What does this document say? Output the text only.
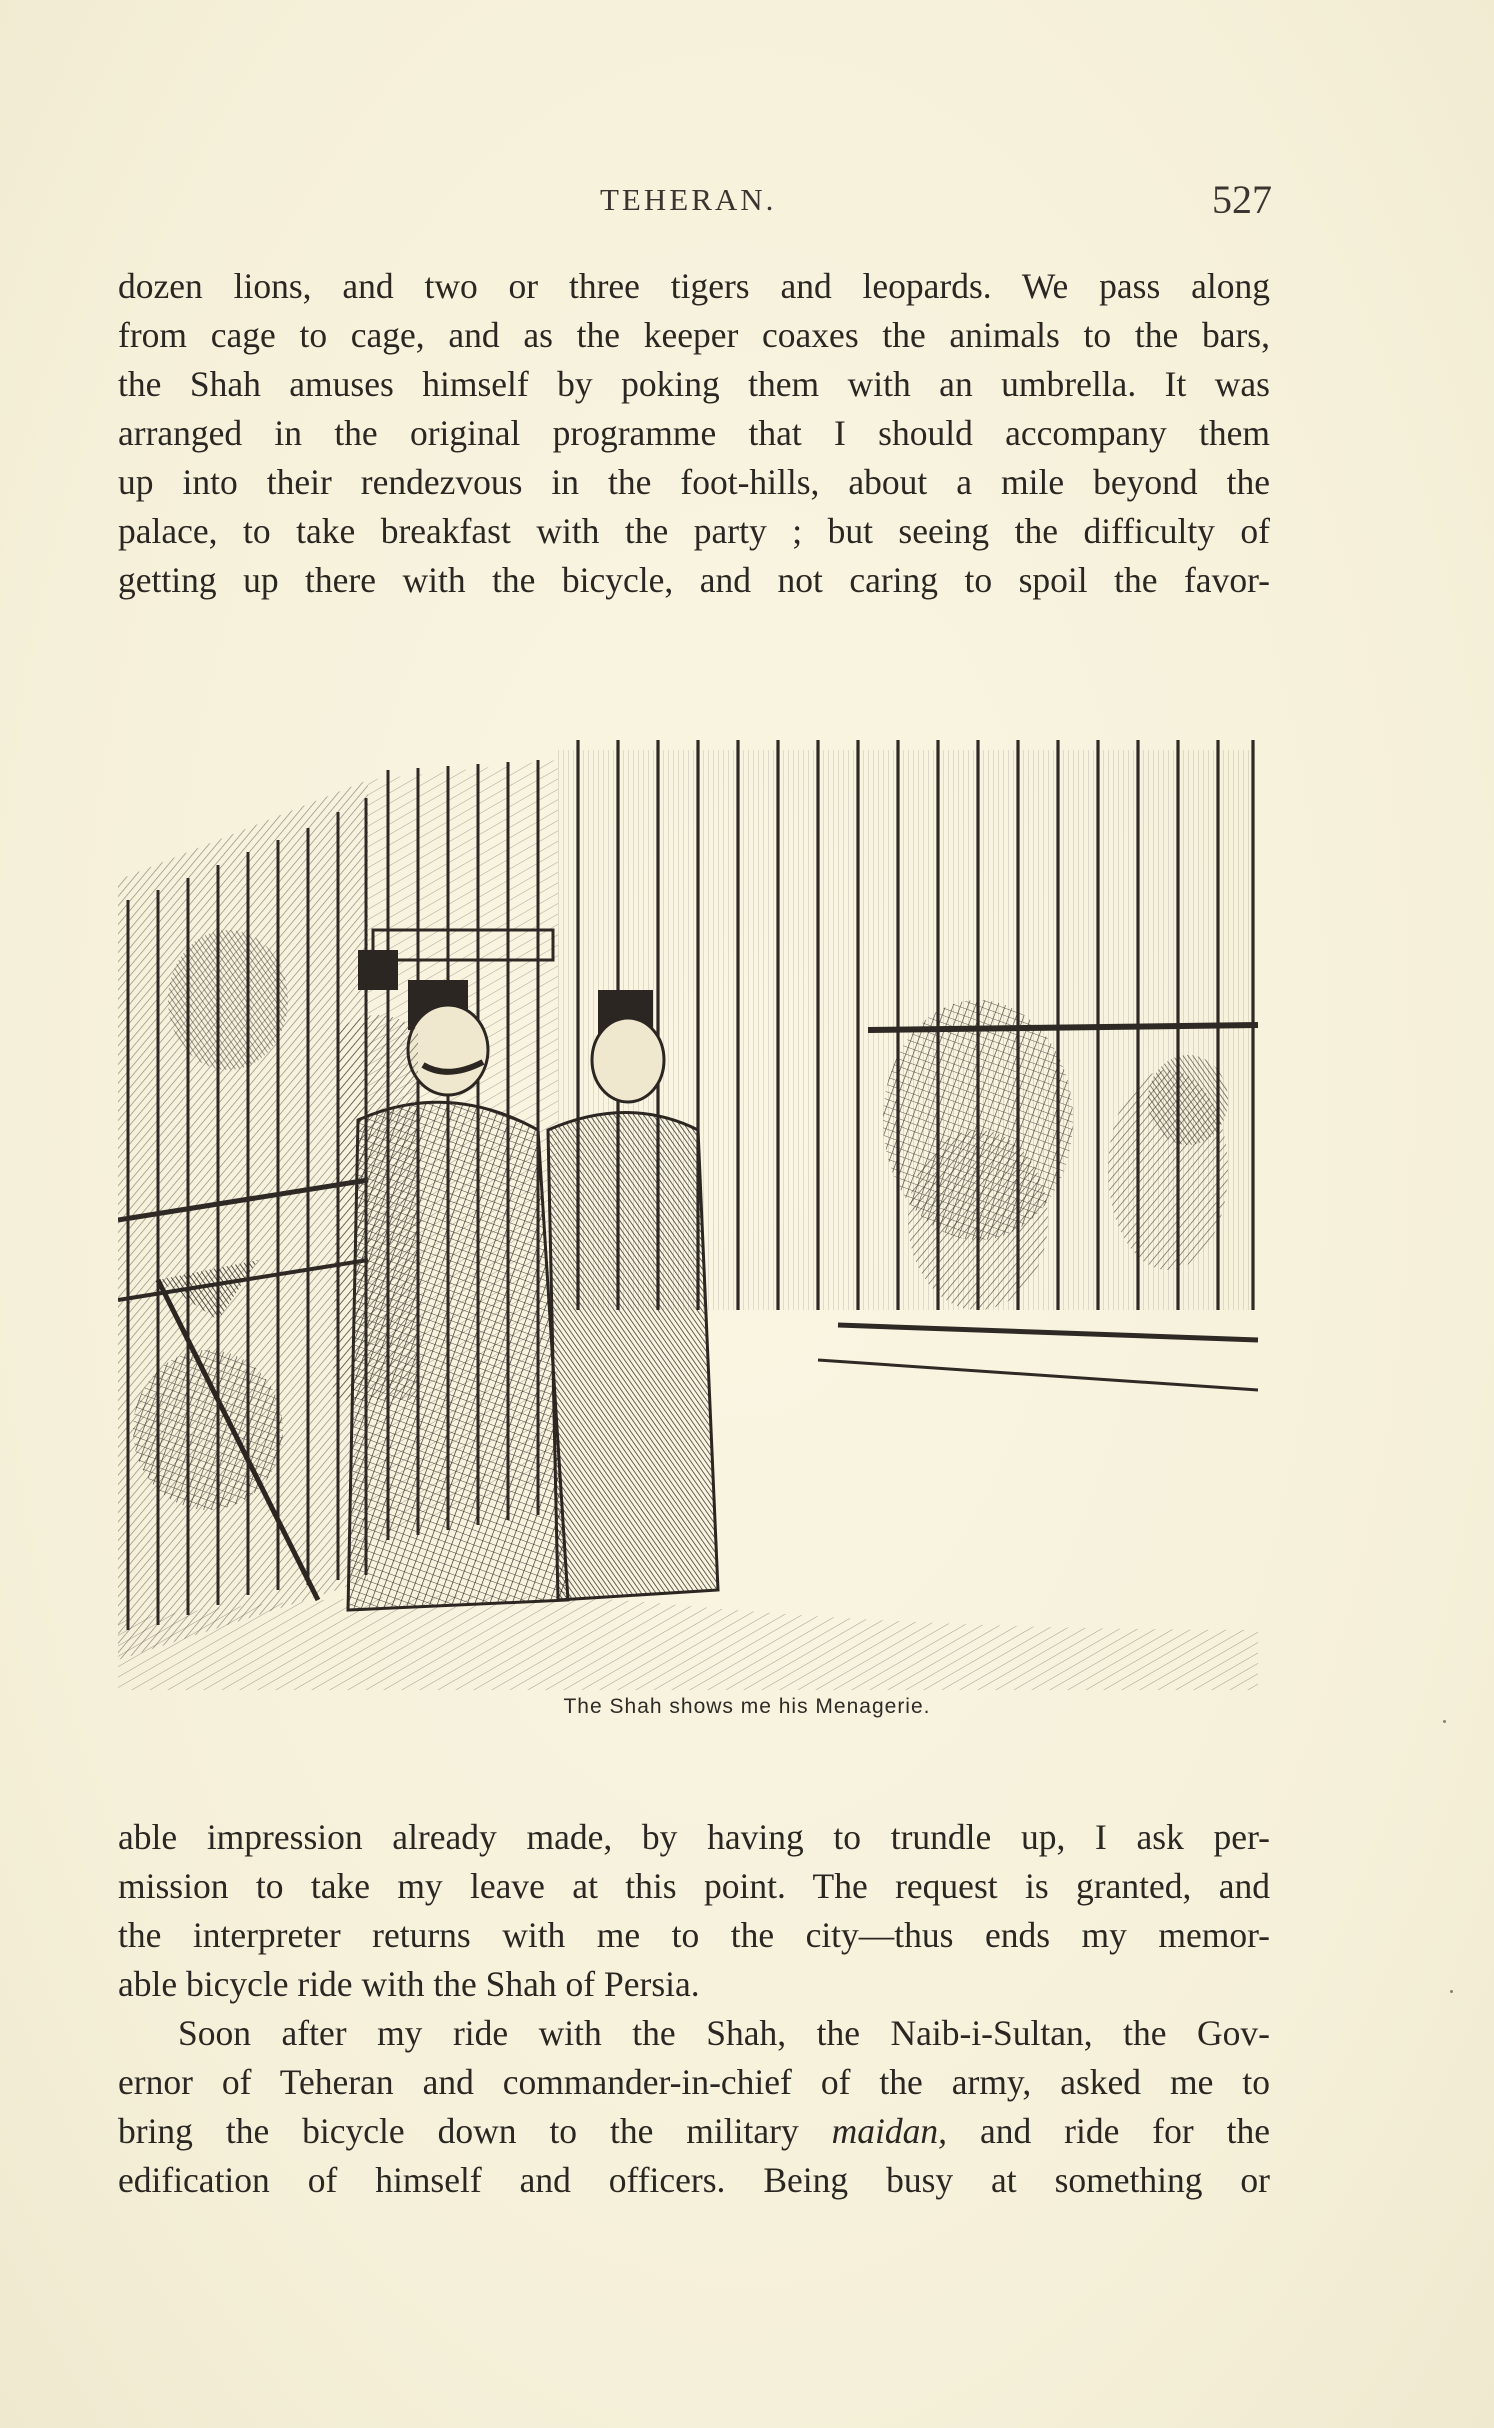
TEHERAN.	527
dozen lions, and two or three tigers and leopards. We pass along
from cage to cage, and as the keeper coaxes the animals to the bars,
the Shah amuses himself by poking them with an umbrella. It was
arranged in the original programme that I should accompany them
up into their rendezvous in the foot-hills, about a mile beyond the
palace, to take breakfast with the party ; but seeing the difficulty of
getting up there with the bicycle, and not caring to spoil the favor-
The Shah shows me his Menagerie.
able impression already made, by having to trundle up, I ask per-
mission to take my leave at this point. The request is granted, and
the interpreter returns with me to the city—thus ends my memor-
able bicycle ride with the Shah of Persia.
Soon after my ride with the Shah, the Naib-i-Sultan, the Gov-
ernor of Teheran and commander-in-chief of the army, asked me to
bring the bicycle down to the military maidan, and ride for the
edification of himself and officers. Being busy at something or
